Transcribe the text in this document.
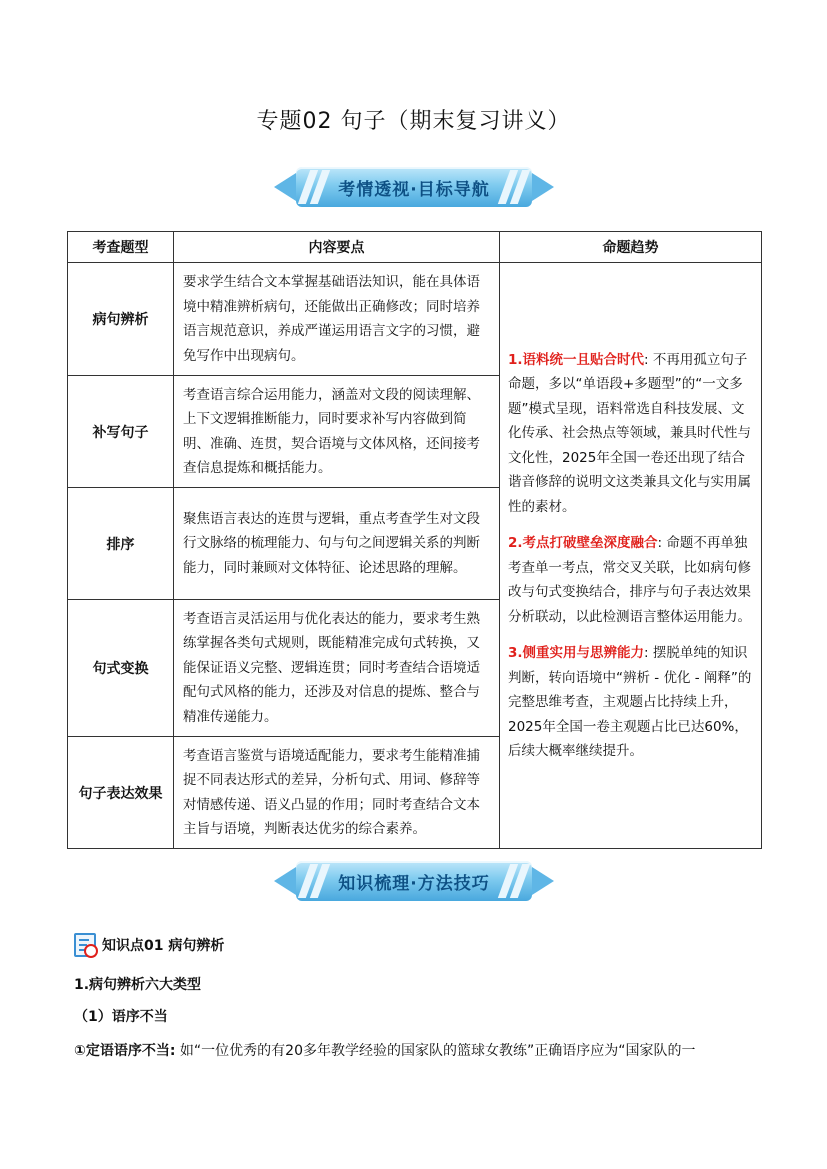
专题02 句子（期末复习讲义）
考情透视·目标导航
考查题型	内容要点	命题趋势
病句辨析	要求学生结合文本掌握基础语法知识，能在具体语境中精准辨析病句，还能做出正确修改；同时培养语言规范意识，养成严谨运用语言文字的习惯，避免写作中出现病句。	1.语料统一且贴合时代: 不再用孤立句子命题，多以“单语段+多题型”的“一文多题”模式呈现，语料常选自科技发展、文化传承、社会热点等领域，兼具时代性与文化性，2025年全国一卷还出现了结合谐音修辞的说明文这类兼具文化与实用属性的素材。

2.考点打破壁垒深度融合: 命题不再单独考查单一考点，常交叉关联，比如病句修改与句式变换结合，排序与句子表达效果分析联动，以此检测语言整体运用能力。

3.侧重实用与思辨能力: 摆脱单纯的知识判断，转向语境中“辨析 - 优化 - 阐释”的完整思维考查，主观题占比持续上升，2025年全国一卷主观题占比已达60%，后续大概率继续提升。

补写句子	考查语言综合运用能力，涵盖对文段的阅读理解、上下文逻辑推断能力，同时要求补写内容做到简明、准确、连贯，契合语境与文体风格，还间接考查信息提炼和概括能力。	
排序	聚焦语言表达的连贯与逻辑，重点考查学生对文段行文脉络的梳理能力、句与句之间逻辑关系的判断能力，同时兼顾对文体特征、论述思路的理解。	
句式变换	考查语言灵活运用与优化表达的能力，要求考生熟练掌握各类句式规则，既能精准完成句式转换，又能保证语义完整、逻辑连贯；同时考查结合语境适配句式风格的能力，还涉及对信息的提炼、整合与精准传递能力。	
句子表达效果	考查语言鉴赏与语境适配能力，要求考生能精准捕捉不同表达形式的差异，分析句式、用词、修辞等对情感传递、语义凸显的作用；同时考查结合文本主旨与语境，判断表达优劣的综合素养。	
知识梳理·方法技巧
知识点01 病句辨析
1.病句辨析六大类型
（1）语序不当
①定语语序不当: 如“一位优秀的有20多年教学经验的国家队的篮球女教练”正确语序应为“国家队的一
